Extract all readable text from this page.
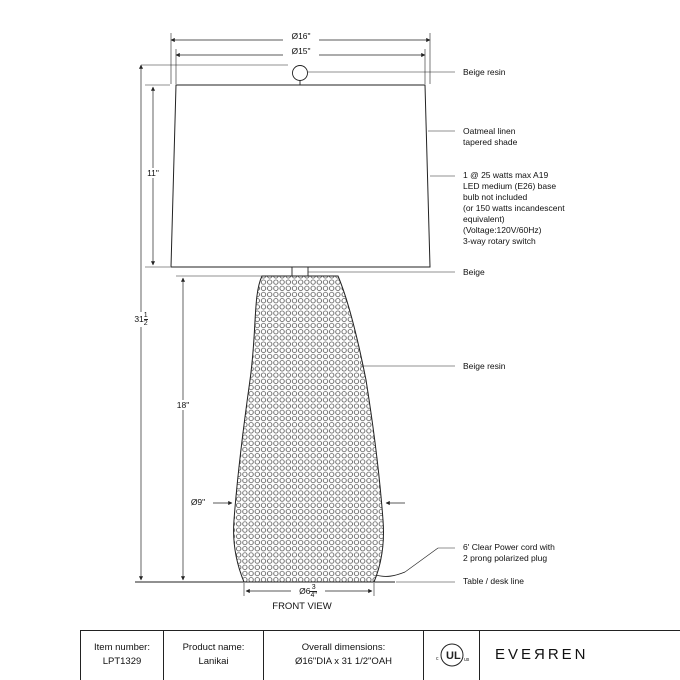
UL
c	us
Ø16"
Ø15"
11"
$31 \frac{1}{2}$
18"
Ø9"
Ø6 $\frac{3}{4"}$
Beige resin
Oatmeal linen
tapered shade
1 @ 25 watts max A19
LED medium (E26) base
bulb not included
(or 150 watts incandescent
equivalent)
(Voltage:120V/60Hz)
3-way rotary switch
Beige
Beige resin
6' Clear Power cord with
2 prong polarized plug
Table / desk line
FRONT VIEW
Item number:
LPT1329
Product name:
Lanikai
Overall dimensions:
Ø16"DIA x 31 1/2"OAH	EVEЯREN
